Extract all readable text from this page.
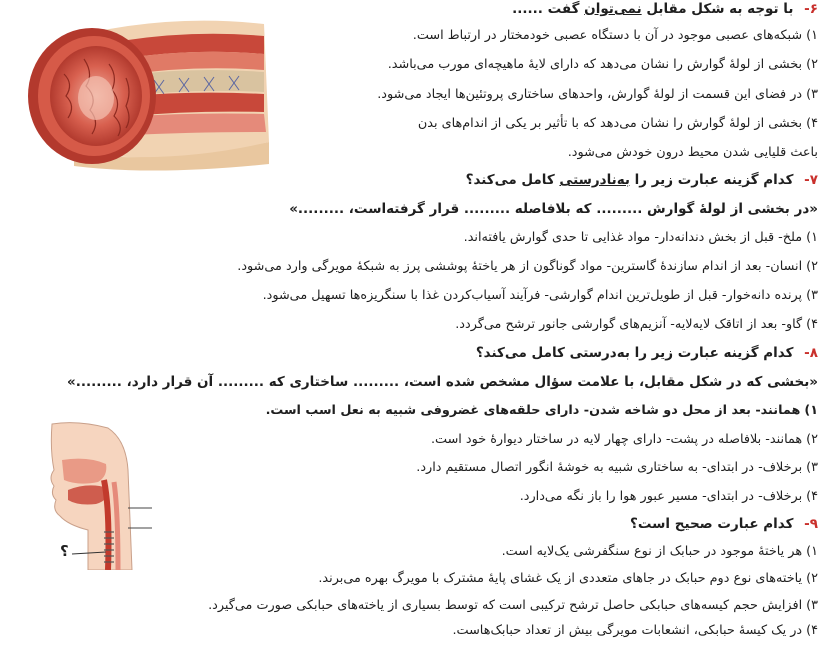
؟
۶- با توجه به شکل مقابل نمی‌توان گفت ......
۱)شبکه‌های عصبی موجود در آن با دستگاه عصبی خودمختار در ارتباط است.
۲)بخشی از لولهٔ گوارش را نشان می‌دهد که دارای لایهٔ ماهیچه‌ای مورب می‌باشد.
۳)در فضای این قسمت از لولهٔ گوارش، واحدهای ساختاری پروتئین‌ها ایجاد می‌شود.
۴)بخشی از لولهٔ گوارش را نشان می‌دهد که با تأثیر بر یکی از اندام‌های بدن
باعث قلیایی شدن محیط درون خودش می‌شود.
۷- کدام گزینه عبارت زیر را به‌نادرستی کامل می‌کند؟
«در بخشی از لولهٔ گوارش ......... که بلافاصله ......... قرار گرفته‌است، .........»
۱)ملخ- قبل از بخش دندانه‌دار- مواد غذایی تا حدی گوارش یافته‌اند.
۲)انسان- بعد از اندام سازندهٔ گاسترین- مواد گوناگون از هر یاختهٔ پوششی پرز به شبکهٔ مویرگی وارد می‌شود.
۳)پرنده دانه‌خوار- قبل از طویل‌ترین اندام گوارشی- فرآیند آسیاب‌کردن غذا با سنگریزه‌ها تسهیل می‌شود.
۴)گاو- بعد از اتاقک لایه‌لایه- آنزیم‌های گوارشی جانور ترشح می‌گردد.
۸- کدام گزینه عبارت زیر را به‌درستی کامل می‌کند؟
«بخشی که در شکل مقابل، با علامت سؤال مشخص شده است، ......... ساختاری که ......... آن قرار دارد، .........»
۱)همانند- بعد از محل دو شاخه شدن- دارای حلقه‌های غضروفی شبیه به نعل اسب است.
۲)همانند- بلافاصله در پشت- دارای چهار لایه در ساختار دیوارهٔ خود است.
۳)برخلاف- در ابتدای- به ساختاری شبیه به خوشهٔ انگور اتصال مستقیم دارد.
۴)برخلاف- در ابتدای- مسیر عبور هوا را باز نگه می‌دارد.
۹- کدام عبارت صحیح است؟
۱)هر یاختهٔ موجود در حبابک از نوع سنگفرشی یک‌لایه است.
۲)یاخته‌های نوع دوم حبابک در جاهای متعددی از یک غشای پایهٔ مشترک با مویرگ بهره می‌برند.
۳)افزایش حجم کیسه‌های حبابکی حاصل ترشح ترکیبی است که توسط بسیاری از یاخته‌های حبابکی صورت می‌گیرد.
۴)در یک کیسهٔ حبابکی، انشعابات مویرگی بیش از تعداد حبابک‌هاست.
